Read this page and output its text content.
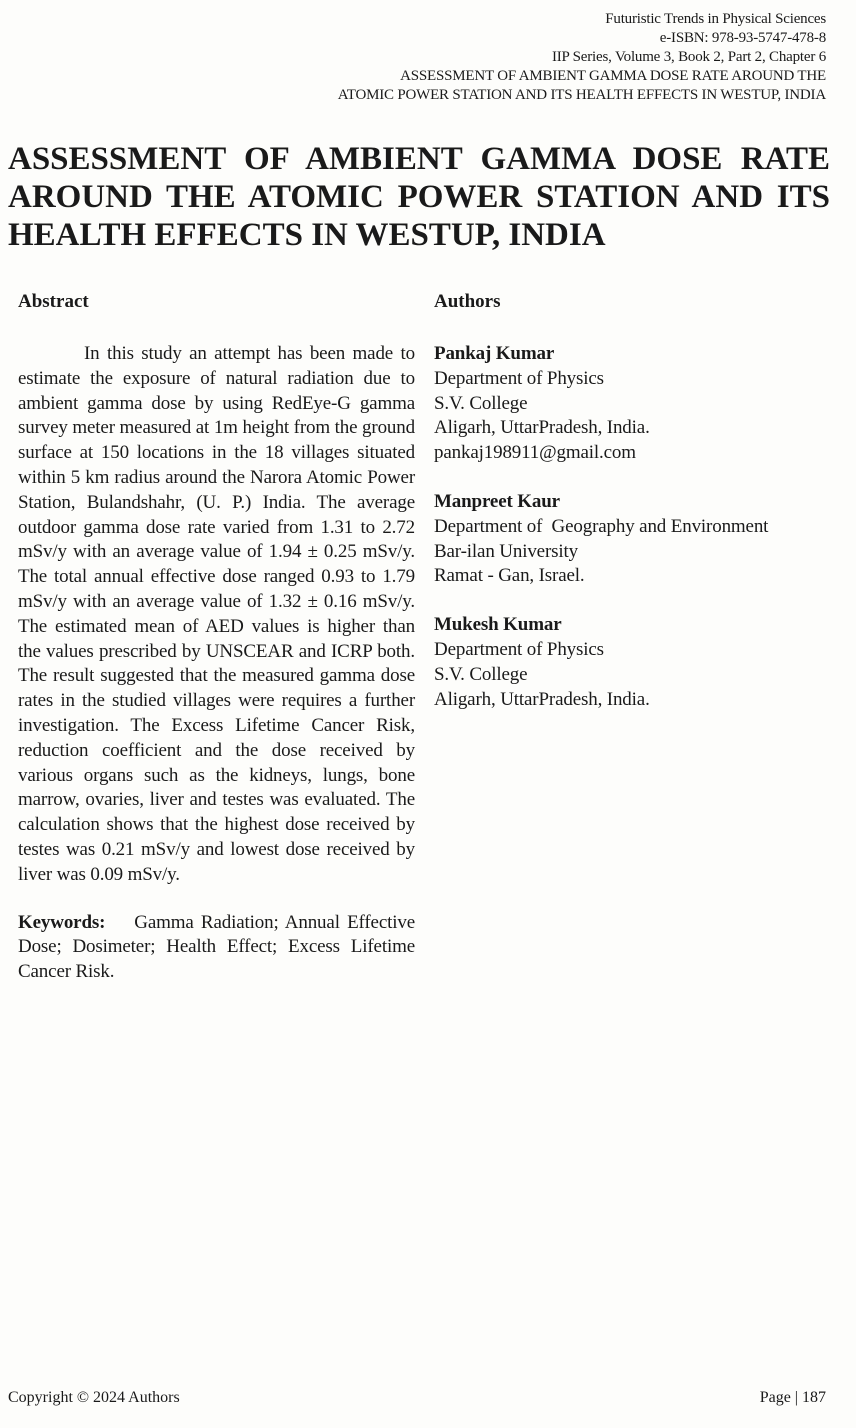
Futuristic Trends in Physical Sciences
e-ISBN: 978-93-5747-478-8
IIP Series, Volume 3, Book 2, Part 2, Chapter 6
ASSESSMENT OF AMBIENT GAMMA DOSE RATE AROUND THE
ATOMIC POWER STATION AND ITS HEALTH EFFECTS IN WESTUP, INDIA
ASSESSMENT OF AMBIENT GAMMA DOSE RATE AROUND THE ATOMIC POWER STATION AND ITS HEALTH EFFECTS IN WESTUP, INDIA
Abstract

In this study an attempt has been made to estimate the exposure of natural radiation due to ambient gamma dose by using RedEye-G gamma survey meter measured at 1m height from the ground surface at 150 locations in the 18 villages situated within 5 km radius around the Narora Atomic Power Station, Bulandshahr, (U. P.) India. The average outdoor gamma dose rate varied from 1.31 to 2.72 mSv/y with an average value of 1.94 ± 0.25 mSv/y. The total annual effective dose ranged 0.93 to 1.79 mSv/y with an average value of 1.32 ± 0.16 mSv/y. The estimated mean of AED values is higher than the values prescribed by UNSCEAR and ICRP both. The result suggested that the measured gamma dose rates in the studied villages were requires a further investigation. The Excess Lifetime Cancer Risk, reduction coefficient and the dose received by various organs such as the kidneys, lungs, bone marrow, ovaries, liver and testes was evaluated. The calculation shows that the highest dose received by testes was 0.21 mSv/y and lowest dose received by liver was 0.09 mSv/y.

Keywords: Gamma Radiation; Annual Effective Dose; Dosimeter; Health Effect; Excess Lifetime Cancer Risk.

Authors
Pankaj Kumar
Department of Physics
S.V. College
Aligarh, UttarPradesh, India.
pankaj198911@gmail.com
Manpreet Kaur
Department of  Geography and Environment
Bar-ilan University
Ramat - Gan, Israel.
Mukesh Kumar
Department of Physics
S.V. College
Aligarh, UttarPradesh, India.
Copyright © 2024 Authors	Page | 187
